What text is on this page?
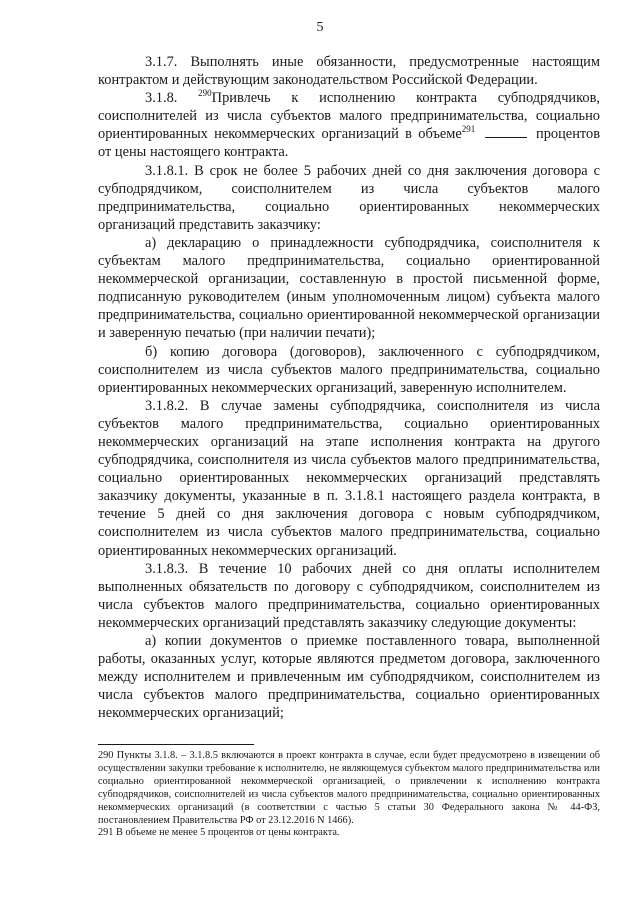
5

3.1.7. Выполнять иные обязанности, предусмотренные настоящим контрактом и действующим законодательством Российской Федерации.

3.1.8. $^{290}$Привлечь к исполнению контракта субподрядчиков, соисполнителей из числа субъектов малого предпринимательства, социально ориентированных некоммерческих организаций в объеме$^{291}$	процентов от цены настоящего контракта.

3.1.8.1. В срок не более 5 рабочих дней со дня заключения договора с субподрядчиком, соисполнителем из числа субъектов малого предпринимательства, социально ориентированных некоммерческих организаций представить заказчику:

а) декларацию о принадлежности субподрядчика, соисполнителя к субъектам малого предпринимательства, социально ориентированной некоммерческой организации, составленную в простой письменной форме, подписанную руководителем (иным уполномоченным лицом) субъекта малого предпринимательства, социально ориентированной некоммерческой организации и заверенную печатью (при наличии печати);

б) копию договора (договоров), заключенного с субподрядчиком, соисполнителем из числа субъектов малого предпринимательства, социально ориентированных некоммерческих организаций, заверенную исполнителем.

3.1.8.2. В случае замены субподрядчика, соисполнителя из числа субъектов малого предпринимательства, социально ориентированных некоммерческих организаций на этапе исполнения контракта на другого субподрядчика, соисполнителя из числа субъектов малого предпринимательства, социально ориентированных некоммерческих организаций представлять заказчику документы, указанные в п. 3.1.8.1 настоящего раздела контракта, в течение 5 дней со дня заключения договора с новым субподрядчиком, соисполнителем из числа субъектов малого предпринимательства, социально ориентированных некоммерческих организаций.

3.1.8.3. В течение 10 рабочих дней со дня оплаты исполнителем выполненных обязательств по договору с субподрядчиком, соисполнителем из числа субъектов малого предпринимательства, социально ориентированных некоммерческих организаций представлять заказчику следующие документы:

а) копии документов о приемке поставленного товара, выполненной работы, оказанных услуг, которые являются предметом договора, заключенного между исполнителем и привлеченным им субподрядчиком, соисполнителем из числа субъектов малого предпринимательства, социально ориентированных некоммерческих организаций;

290 Пункты 3.1.8. – 3.1.8.5 включаются в проект контракта в случае, если будет предусмотрено в извещении об осуществлении закупки требование к исполнителю, не являющемуся субъектом малого предпринимательства или социально ориентированной некоммерческой организацией, о привлечении к исполнению контракта субподрядчиков, соисполнителей из числа субъектов малого предпринимательства, социально ориентированных некоммерческих организаций (в соответствии с частью 5 статьи 30 Федерального закона № 44-ФЗ, постановлением Правительства РФ от 23.12.2016 N 1466).

291 В объеме не менее 5 процентов от цены контракта.
